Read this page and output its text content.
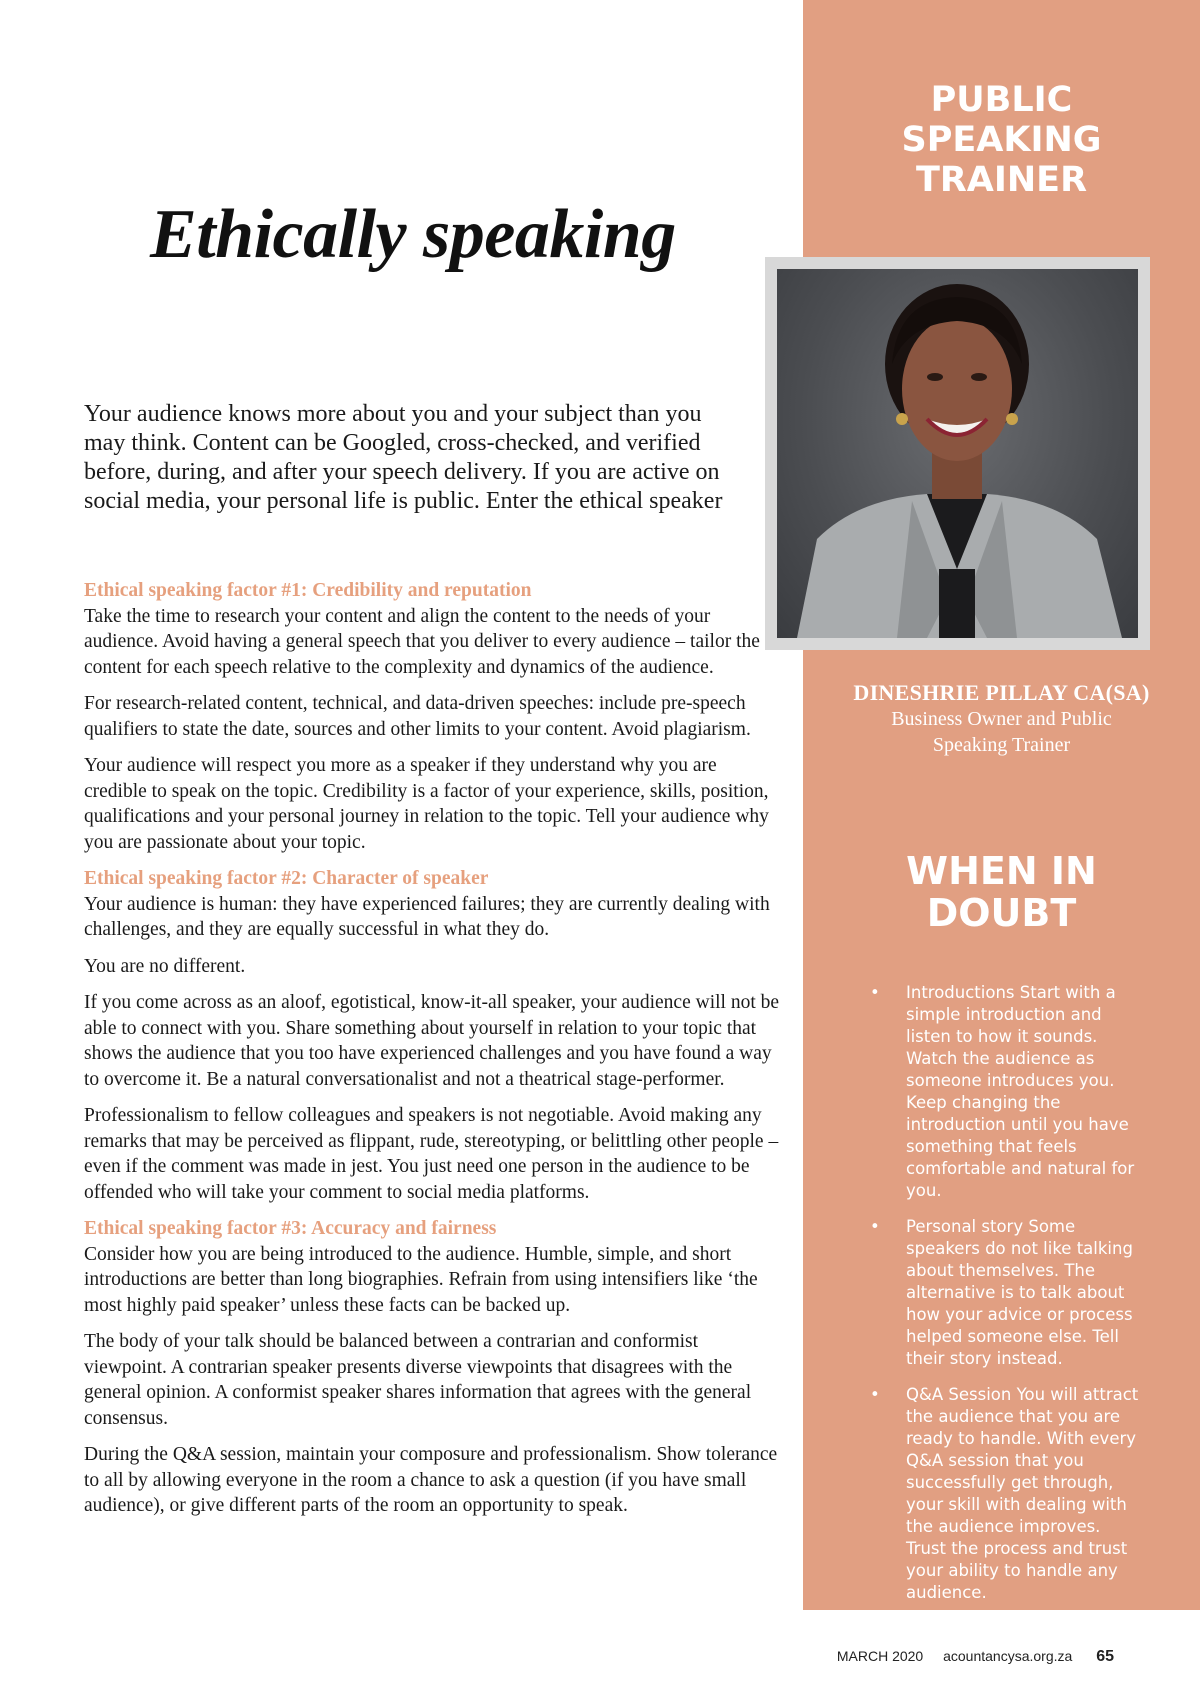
Ethically speaking
Your audience knows more about you and your subject than you may think. Content can be Googled, cross-checked, and verified before, during, and after your speech delivery. If you are active on social media, your personal life is public. Enter the ethical speaker
Ethical speaking factor #1: Credibility and reputation

Take the time to research your content and align the content to the needs of your audience. Avoid having a general speech that you deliver to every audience – tailor the content for each speech relative to the complexity and dynamics of the audience.

For research-related content, technical, and data-driven speeches: include pre-speech qualifiers to state the date, sources and other limits to your content. Avoid plagiarism.

Your audience will respect you more as a speaker if they understand why you are credible to speak on the topic. Credibility is a factor of your experience, skills, position, qualifications and your personal journey in relation to the topic. Tell your audience why you are passionate about your topic.

Ethical speaking factor #2: Character of speaker

Your audience is human: they have experienced failures; they are currently dealing with challenges, and they are equally successful in what they do.

You are no different.

If you come across as an aloof, egotistical, know-it-all speaker, your audience will not be able to connect with you. Share something about yourself in relation to your topic that shows the audience that you too have experienced challenges and you have found a way to overcome it. Be a natural conversationalist and not a theatrical stage-performer.

Professionalism to fellow colleagues and speakers is not negotiable. Avoid making any remarks that may be perceived as flippant, rude, stereotyping, or belittling other people – even if the comment was made in jest. You just need one person in the audience to be offended who will take your comment to social media platforms.

Ethical speaking factor #3: Accuracy and fairness

Consider how you are being introduced to the audience. Humble, simple, and short introductions are better than long biographies. Refrain from using intensifiers like ‘the most highly paid speaker’ unless these facts can be backed up.

The body of your talk should be balanced between a contrarian and conformist viewpoint. A contrarian speaker presents diverse viewpoints that disagrees with the general opinion. A conformist speaker shares information that agrees with the general consensus.

During the Q&A session, maintain your composure and professionalism. Show tolerance to all by allowing everyone in the room a chance to ask a question (if you have small audience), or give different parts of the room an opportunity to speak.

PUBLIC
SPEAKING
TRAINER
DINESHRIE PILLAY CA(SA)
Business Owner and Public Speaking Trainer
WHEN IN
DOUBT
• Introductions Start with a simple introduction and listen to how it sounds. Watch the audience as someone introduces you. Keep changing the introduction until you have something that feels comfortable and natural for you.
• Personal story Some speakers do not like talking about themselves. The alternative is to talk about how your advice or process helped someone else. Tell their story instead.
• Q&A Session You will attract the audience that you are ready to handle. With every Q&A session that you successfully get through, your skill with dealing with the audience improves. Trust the process and trust your ability to handle any audience.
MARCH 2020 acountancysa.org.za 65
